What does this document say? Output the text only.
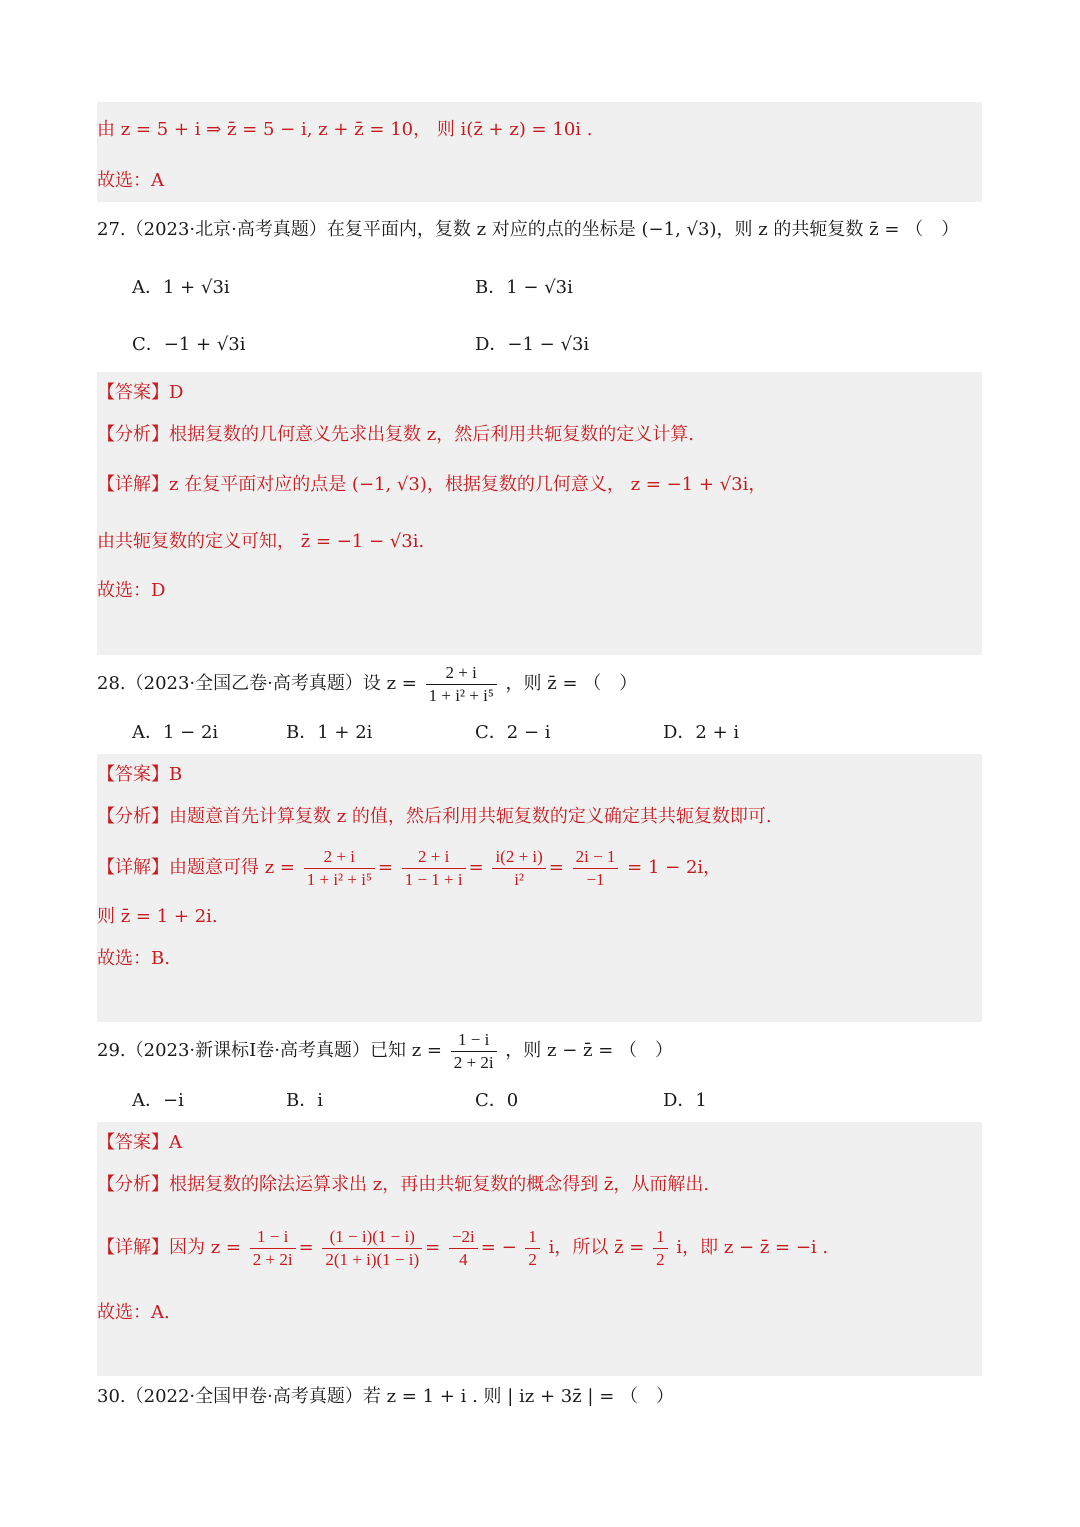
由 z = 5 + i ⇒ z̄ = 5 − i, z + z̄ = 10， 则 i(z̄ + z) = 10i .
故选：A
27.（2023·北京·高考真题）在复平面内，复数 z 对应的点的坐标是 (−1, √3)，则 z 的共轭复数 z̄ = （　）
A．1 + √3i	B．1 − √3i
C．−1 + √3i	D．−1 − √3i
【答案】D
【分析】根据复数的几何意义先求出复数 z，然后利用共轭复数的定义计算.
【详解】z 在复平面对应的点是 (−1, √3)，根据复数的几何意义， z = −1 + √3i，
由共轭复数的定义可知， z̄ = −1 − √3i.
故选：D
28.（2023·全国乙卷·高考真题）设 $z = \frac{2 + i}{\text{1 + i² + i⁵}}$ ，则 z̄ = （　）
A．1 − 2i	B．1 + 2i	C．2 − i	D．2 + i
【答案】B
【分析】由题意首先计算复数 z 的值，然后利用共轭复数的定义确定其共轭复数即可.
【详解】由题意可得 $z = \frac{2 + i}{\text{1 + i² + i⁵}} = \frac{2 + i}{1 - 1 + i} = \frac{i(2 + i)}{\text{i²}} = \frac{2i - 1}{-1} = 1 - 2i$，
则 z̄ = 1 + 2i.
故选：B.
29.（2023·新课标I卷·高考真题）已知 $z = \frac{1 - i}{2 + 2i}$ ，则 z − z̄ = （　）
A．−i	B．i	C．0	D．1
【答案】A
【分析】根据复数的除法运算求出 z，再由共轭复数的概念得到 z̄，从而解出.
【详解】因为 $z = \frac{1 - i}{2 + 2i} = \frac{(1 - i)(1 - i)}{2(1 + i)(1 - i)} = \frac{-2i}{4}$ = − $\frac{1}{2}$ i，所以 z̄ = $\frac{1}{2}$ i，即 z − z̄ = −i .
故选：A.
30.（2022·全国甲卷·高考真题）若 z = 1 + i . 则 | iz + 3z̄ | = （　）
